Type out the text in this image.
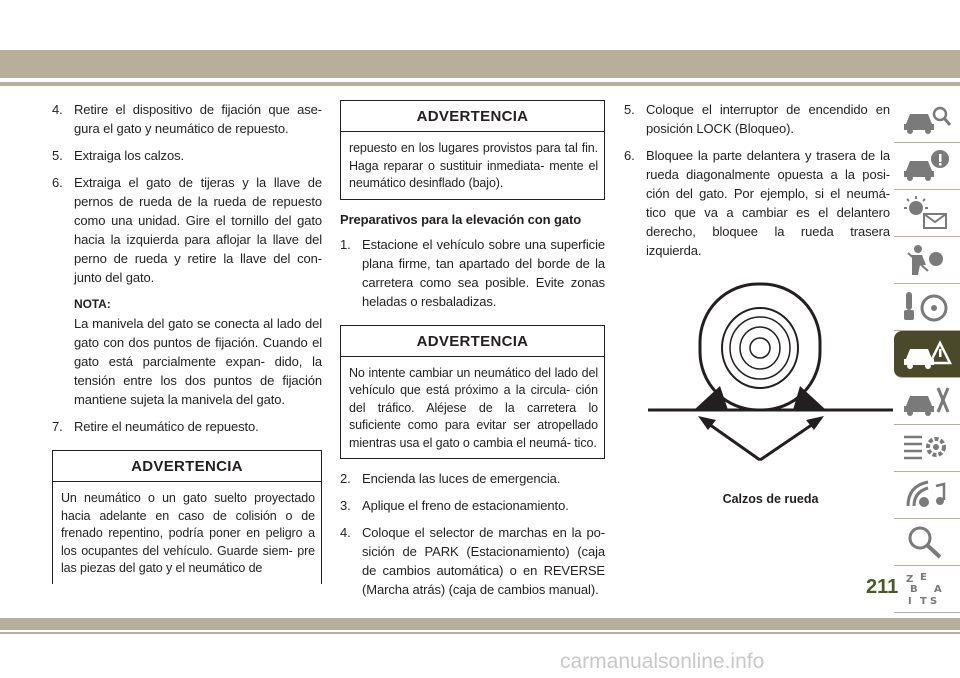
4. Retire el dispositivo de fijación que ase- gura el gato y neumático de repuesto.
5. Extraiga los calzos.
6. Extraiga el gato de tijeras y la llave de pernos de rueda de la rueda de repuesto como una unidad. Gire el tornillo del gato hacia la izquierda para aflojar la llave del perno de rueda y retire la llave del con- junto del gato.
NOTA:
La manivela del gato se conecta al lado del gato con dos puntos de fijación. Cuando el gato está parcialmente expan- dido, la tensión entre los dos puntos de fijación mantiene sujeta la manivela del gato.
7. Retire el neumático de repuesto.
ADVERTENCIA
Un neumático o un gato suelto proyectado hacia adelante en caso de colisión o de frenado repentino, podría poner en peligro a los ocupantes del vehículo. Guarde siem- pre las piezas del gato y el neumático de
ADVERTENCIA
repuesto en los lugares provistos para tal fin. Haga reparar o sustituir inmediata- mente el neumático desinflado (bajo).
Preparativos para la elevación con gato
1. Estacione el vehículo sobre una superficie plana firme, tan apartado del borde de la carretera como sea posible. Evite zonas heladas o resbaladizas.
ADVERTENCIA
No intente cambiar un neumático del lado del vehículo que está próximo a la circula- ción del tráfico. Aléjese de la carretera lo suficiente como para evitar ser atropellado mientras usa el gato o cambia el neumá- tico.
2. Encienda las luces de emergencia.
3. Aplique el freno de estacionamiento.
4. Coloque el selector de marchas en la po- sición de PARK (Estacionamiento) (caja de cambios automática) o en REVERSE (Marcha atrás) (caja de cambios manual).
5. Coloque el interruptor de encendido en posición LOCK (Bloqueo).
6. Bloquee la parte delantera y trasera de la rueda diagonalmente opuesta a la posi- ción del gato. Por ejemplo, si el neumá- tico que va a cambiar es el delantero derecho, bloquee la rueda trasera izquierda.
Calzos de rueda
Z E
B A
T
I S
211
carmanualsonline.info
